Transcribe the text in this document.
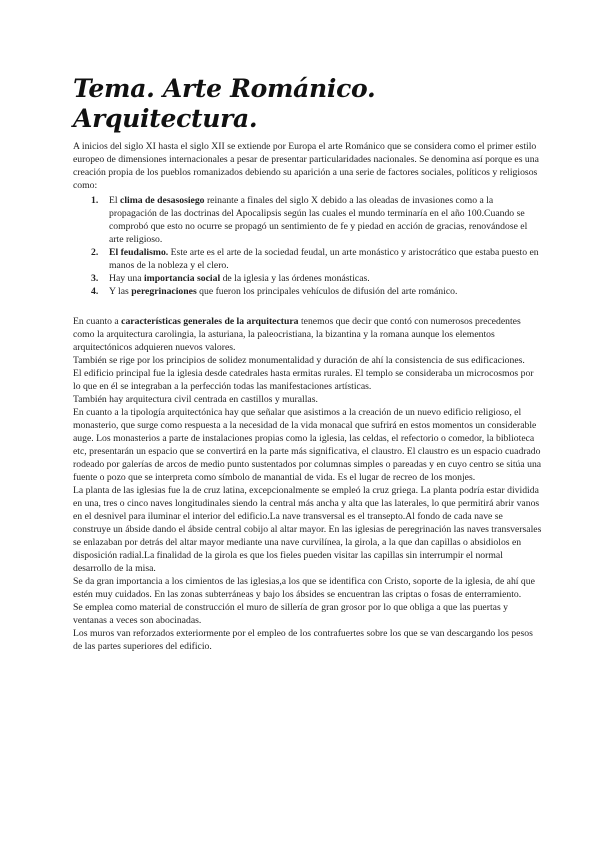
Tema. Arte Románico. Arquitectura.

A inicios del siglo XI hasta el siglo XII se extiende por Europa el arte Románico que se considera como el primer estilo europeo de dimensiones internacionales a pesar de presentar particularidades nacionales. Se denomina así porque es una creación propia de los pueblos romanizados debiendo su aparición a una serie de factores sociales, políticos y religiosos como:

1. El clima de desasosiego reinante a finales del siglo X debido a las oleadas de invasiones como a la propagación de las doctrinas del Apocalipsis según las cuales el mundo terminaría en el año 100.Cuando se comprobó que esto no ocurre se propagó un sentimiento de fe y piedad en acción de gracias, renovándose el arte religioso.
2. El feudalismo. Este arte es el arte de la sociedad feudal, un arte monástico y aristocrático que estaba puesto en manos de la nobleza y el clero.
3. Hay una importancia social de la iglesia y las órdenes monásticas.
4. Y las peregrinaciones que fueron los principales vehículos de difusión del arte románico.

En cuanto a características generales de la arquitectura tenemos que decir que contó con numerosos precedentes como la arquitectura carolingia, la asturiana, la paleocristiana, la bizantina y la romana aunque los elementos arquitectónicos adquieren nuevos valores.

También se rige por los principios de solidez monumentalidad y duración de ahí la consistencia de sus edificaciones.

El edificio principal fue la iglesia desde catedrales hasta ermitas rurales. El templo se consideraba un microcosmos por lo que en él se integraban a la perfección todas las manifestaciones artísticas.

También hay arquitectura civil centrada en castillos y murallas.

En cuanto a la tipología arquitectónica hay que señalar que asistimos a la creación de un nuevo edificio religioso, el monasterio, que surge como respuesta a la necesidad de la vida monacal que sufrirá en estos momentos un considerable auge. Los monasterios a parte de instalaciones propias como la iglesia, las celdas, el refectorio o comedor, la biblioteca etc, presentarán un espacio que se convertirá en la parte más significativa, el claustro. El claustro es un espacio cuadrado rodeado por galerías de arcos de medio punto sustentados por columnas simples o pareadas y en cuyo centro se sitúa una fuente o pozo que se interpreta como símbolo de manantial de vida. Es el lugar de recreo de los monjes.

La planta de las iglesias fue la de cruz latina, excepcionalmente se empleó la cruz griega. La planta podría estar dividida en una, tres o cinco naves longitudinales siendo la central más ancha y alta que las laterales, lo que permitirá abrir vanos en el desnivel para iluminar el interior del edificio.La nave transversal es el transepto.Al fondo de cada nave se construye un ábside dando el ábside central cobijo al altar mayor. En las iglesias de peregrinación las naves transversales se enlazaban por detrás del altar mayor mediante una nave curvilínea, la girola, a la que dan capillas o absidiolos en disposición radial.La finalidad de la girola es que los fieles pueden visitar las capillas sin interrumpir el normal desarrollo de la misa.

Se da gran importancia a los cimientos de las iglesias,a los que se identifica con Cristo, soporte de la iglesia, de ahí que estén muy cuidados. En las zonas subterráneas y bajo los ábsides se encuentran las criptas o fosas de enterramiento.

Se emplea como material de construcción el muro de sillería de gran grosor por lo que obliga a que las puertas y ventanas a veces son abocinadas.

Los muros van reforzados exteriormente por el empleo de los contrafuertes sobre los que se van descargando los pesos de las partes superiores del edificio.
